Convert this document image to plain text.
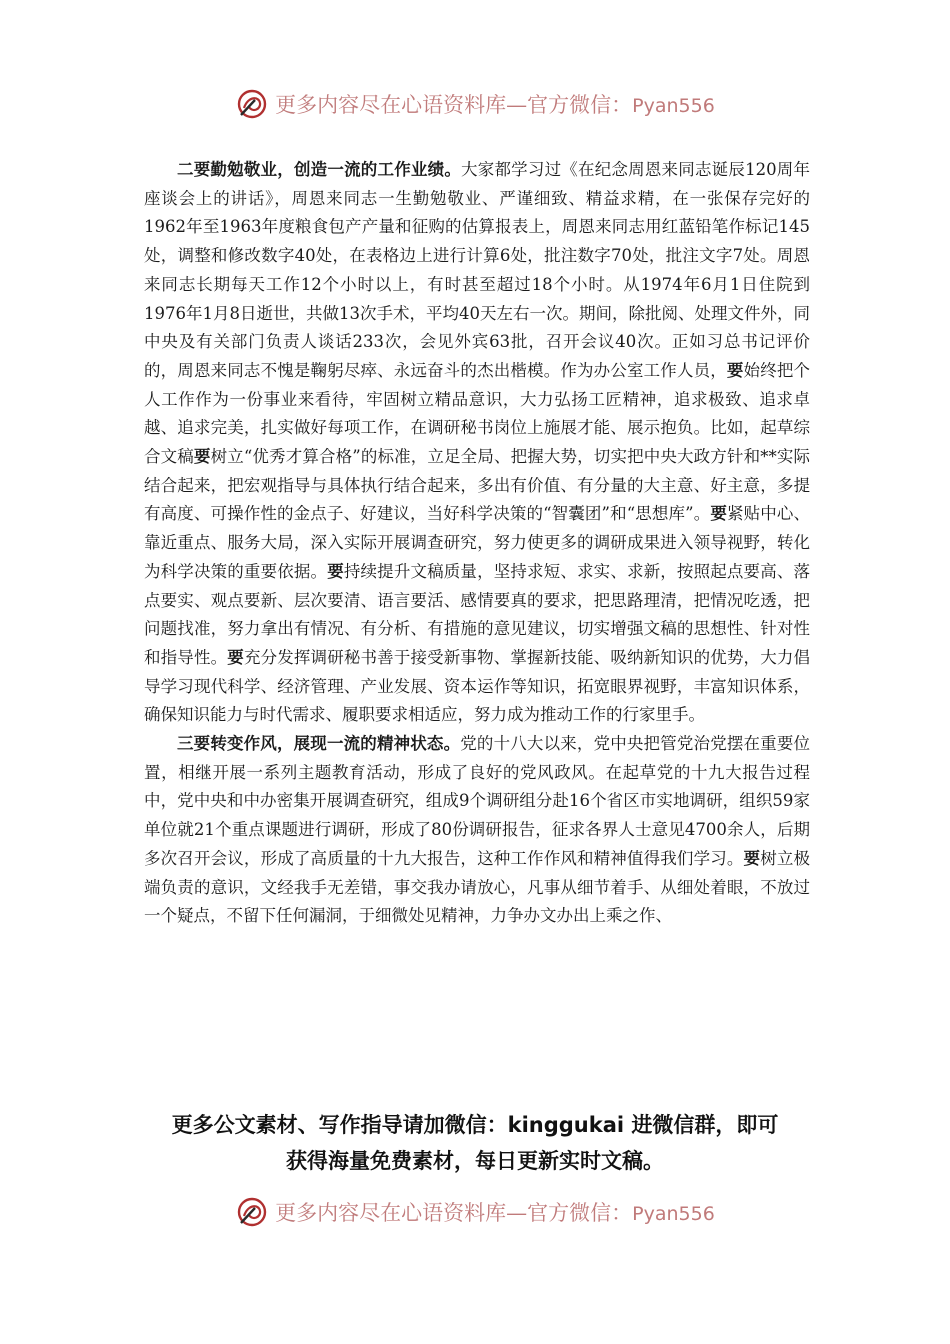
更多内容尽在心语资料库—官方微信：Pyan556

二要勤勉敬业，创造一流的工作业绩。大家都学习过《在纪念周恩来同志诞辰120周年座谈会上的讲话》，周恩来同志一生勤勉敬业、严谨细致、精益求精，在一张保存完好的1962年至1963年度粮食包产产量和征购的估算报表上，周恩来同志用红蓝铅笔作标记145处，调整和修改数字40处，在表格边上进行计算6处，批注数字70处，批注文字7处。周恩来同志长期每天工作12个小时以上，有时甚至超过18个小时。从1974年6月1日住院到1976年1月8日逝世，共做13次手术，平均40天左右一次。期间，除批阅、处理文件外，同中央及有关部门负责人谈话233次，会见外宾63批，召开会议40次。正如习总书记评价的，周恩来同志不愧是鞠躬尽瘁、永远奋斗的杰出楷模。作为办公室工作人员，要始终把个人工作作为一份事业来看待，牢固树立精品意识，大力弘扬工匠精神，追求极致、追求卓越、追求完美，扎实做好每项工作，在调研秘书岗位上施展才能、展示抱负。比如，起草综合文稿要树立“优秀才算合格”的标准，立足全局、把握大势，切实把中央大政方针和**实际结合起来，把宏观指导与具体执行结合起来，多出有价值、有分量的大主意、好主意，多提有高度、可操作性的金点子、好建议，当好科学决策的“智囊团”和“思想库”。要紧贴中心、靠近重点、服务大局，深入实际开展调查研究，努力使更多的调研成果进入领导视野，转化为科学决策的重要依据。要持续提升文稿质量，坚持求短、求实、求新，按照起点要高、落点要实、观点要新、层次要清、语言要活、感情要真的要求，把思路理清，把情况吃透，把问题找准，努力拿出有情况、有分析、有措施的意见建议，切实增强文稿的思想性、针对性和指导性。要充分发挥调研秘书善于接受新事物、掌握新技能、吸纳新知识的优势，大力倡导学习现代科学、经济管理、产业发展、资本运作等知识，拓宽眼界视野，丰富知识体系，确保知识能力与时代需求、履职要求相适应，努力成为推动工作的行家里手。

三要转变作风，展现一流的精神状态。党的十八大以来，党中央把管党治党摆在重要位置，相继开展一系列主题教育活动，形成了良好的党风政风。在起草党的十九大报告过程中，党中央和中办密集开展调查研究，组成9个调研组分赴16个省区市实地调研，组织59家单位就21个重点课题进行调研，形成了80份调研报告，征求各界人士意见4700余人，后期多次召开会议，形成了高质量的十九大报告，这种工作作风和精神值得我们学习。要树立极端负责的意识，文经我手无差错，事交我办请放心，凡事从细节着手、从细处着眼，不放过一个疑点，不留下任何漏洞，于细微处见精神，力争办文办出上乘之作、

更多公文素材、写作指导请加微信：kinggukai 进微信群，即可
获得海量免费素材，每日更新实时文稿。
更多内容尽在心语资料库—官方微信：Pyan556
